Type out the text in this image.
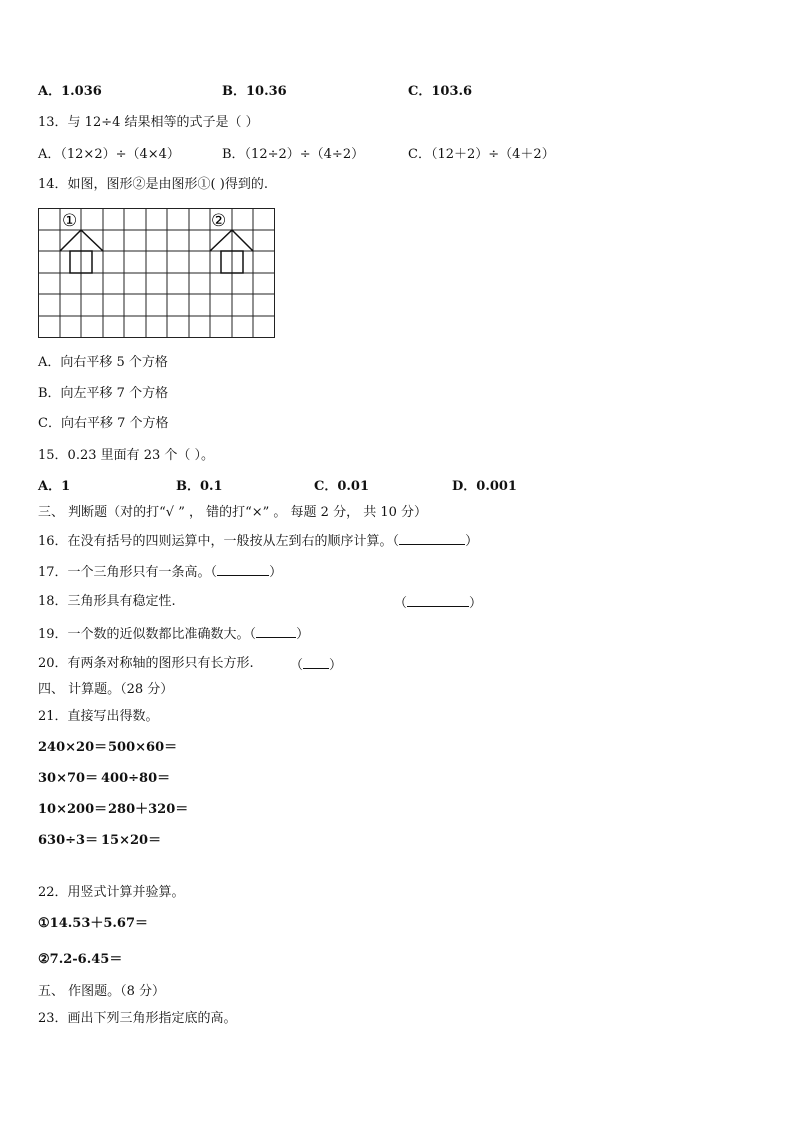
A．1.036	B．10.36	C．103.6
13．与 12÷4 结果相等的式子是（ ）
A．（12×2）÷（4×4）	B．（12÷2）÷（4÷2）	C．（12＋2）÷（4＋2）
14．如图，图形②是由图形①( )得到的.
①	②
A．向右平移 5 个方格
B．向左平移 7 个方格
C．向右平移 7 个方格
15．0.23 里面有 23 个（ ）。
A．1	B．0.1	C．0.01	D．0.001
三、 判断题（对的打“√ ” ， 错的打“×” 。 每题 2 分， 共 10 分）
16．在没有括号的四则运算中，一般按从左到右的顺序计算。（	）
17．一个三角形只有一条高。（	）
18．三角形具有稳定性.	（	）
19．一个数的近似数都比准确数大。（	）
20．有两条对称轴的图形只有长方形.	（ ）
四、 计算题。（28 分）
21．直接写出得数。
240×20＝ 500×60＝
30×70＝ 400÷80＝
10×200＝ 280＋320＝
630÷3＝ 15×20＝
22．用竖式计算并验算。
①14.53＋5.67＝
②7.2-6.45＝
五、 作图题。（8 分）
23．画出下列三角形指定底的高。
